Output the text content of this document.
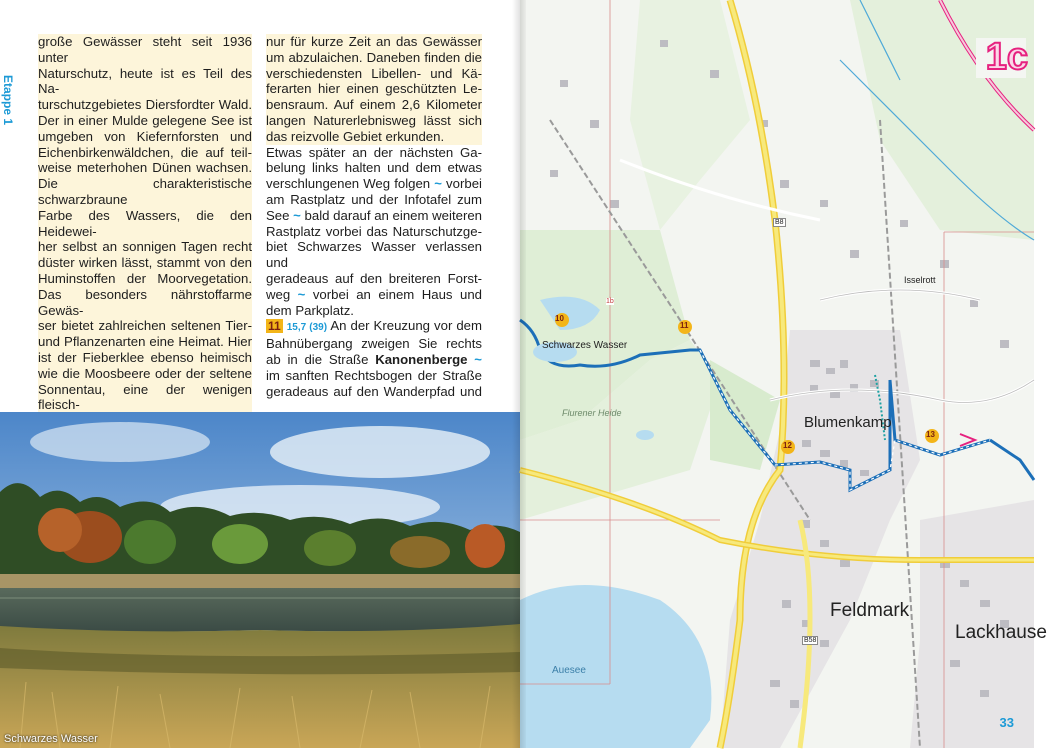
Etappe 1

große Gewässer steht seit 1936 unter

Naturschutz, heute ist es Teil des Na-

turschutzgebietes Diersfordter Wald.

Der in einer Mulde gelegene See ist

umgeben von Kiefernforsten und

Eichenbirkenwäldchen, die auf teil-

weise meterhohen Dünen wachsen.

Die charakteristische schwarzbraune

Farbe des Wassers, die den Heidewei-

her selbst an sonnigen Tagen recht

düster wirken lässt, stammt von den

Huminstoffen der Moorvegetation.

Das besonders nährstoffarme Gewäs-

ser bietet zahlreichen seltenen Tier-

und Pflanzenarten eine Heimat. Hier

ist der Fieberklee ebenso heimisch

wie die Moosbeere oder der seltene

Sonnentau, eine der wenigen fleisch-

nur für kurze Zeit an das Gewässer

um abzulaichen. Daneben finden die

verschiedensten Libellen- und Kä-

ferarten hier einen geschützten Le-

bensraum. Auf einem 2,6 Kilometer

langen Naturerlebnisweg lässt sich

das reizvolle Gebiet erkunden.

Etwas später an der nächsten Ga-

belung links halten und dem etwas

verschlungenen Weg folgen ~ vorbei

am Rastplatz und der Infotafel zum

See ~ bald darauf an einem weiteren

Rastplatz vorbei das Naturschutzge-

biet Schwarzes Wasser verlassen und

geradeaus auf den breiteren Forst-

weg ~ vorbei an einem Haus und

dem Parkplatz.

11 15,7 (39) An der Kreuzung vor dem

Bahnübergang zweigen Sie rechts

ab in die Straße Kanonenberge ~

im sanften Rechtsbogen der Straße

geradeaus auf den Wanderpfad und

Schwarzes Wasser
10
11
12
13
Schwarzes Wasser
Flurener Heide
Blumenkamp
Feldmark
Lackhause
Auesee
Isselrott
B8
B58
1b
1c
33
